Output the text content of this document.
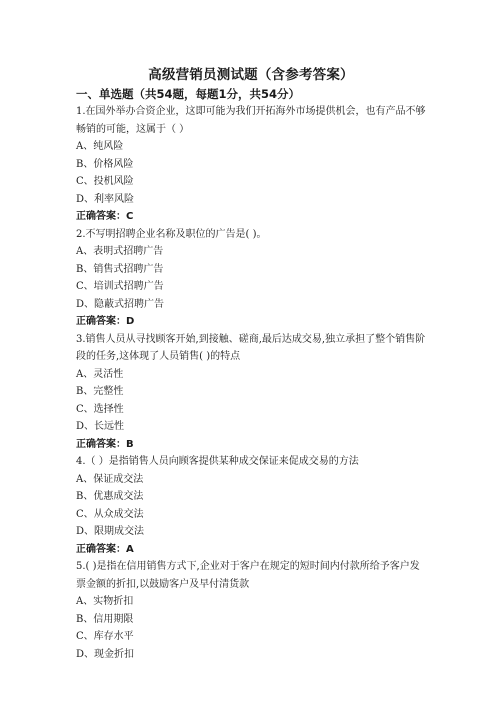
高级营销员测试题（含参考答案）
一、单选题（共54题，每题1分，共54分）

1.在国外举办合资企业，这即可能为我们开拓海外市场提供机会，也有产品不够畅销的可能，这属于（ ）

A、纯风险

B、价格风险

C、投机风险

D、利率风险

正确答案：C

2.不写明招聘企业名称及职位的广告是( )。

A、表明式招聘广告

B、销售式招聘广告

C、培训式招聘广告

D、隐蔽式招聘广告

正确答案：D

3.销售人员从寻找顾客开始,到接触、磋商,最后达成交易,独立承担了整个销售阶段的任务,这体现了人员销售( )的特点

A、灵活性

B、完整性

C、选择性

D、长远性

正确答案：B

4.（ ）是指销售人员向顾客提供某种成交保证来促成交易的方法

A、保证成交法

B、优惠成交法

C、从众成交法

D、限期成交法

正确答案：A

5.( )是指在信用销售方式下,企业对于客户在规定的短时间内付款所给予客户发票金额的折扣,以鼓励客户及早付清货款

A、实物折扣

B、信用期限

C、库存水平

D、现金折扣
